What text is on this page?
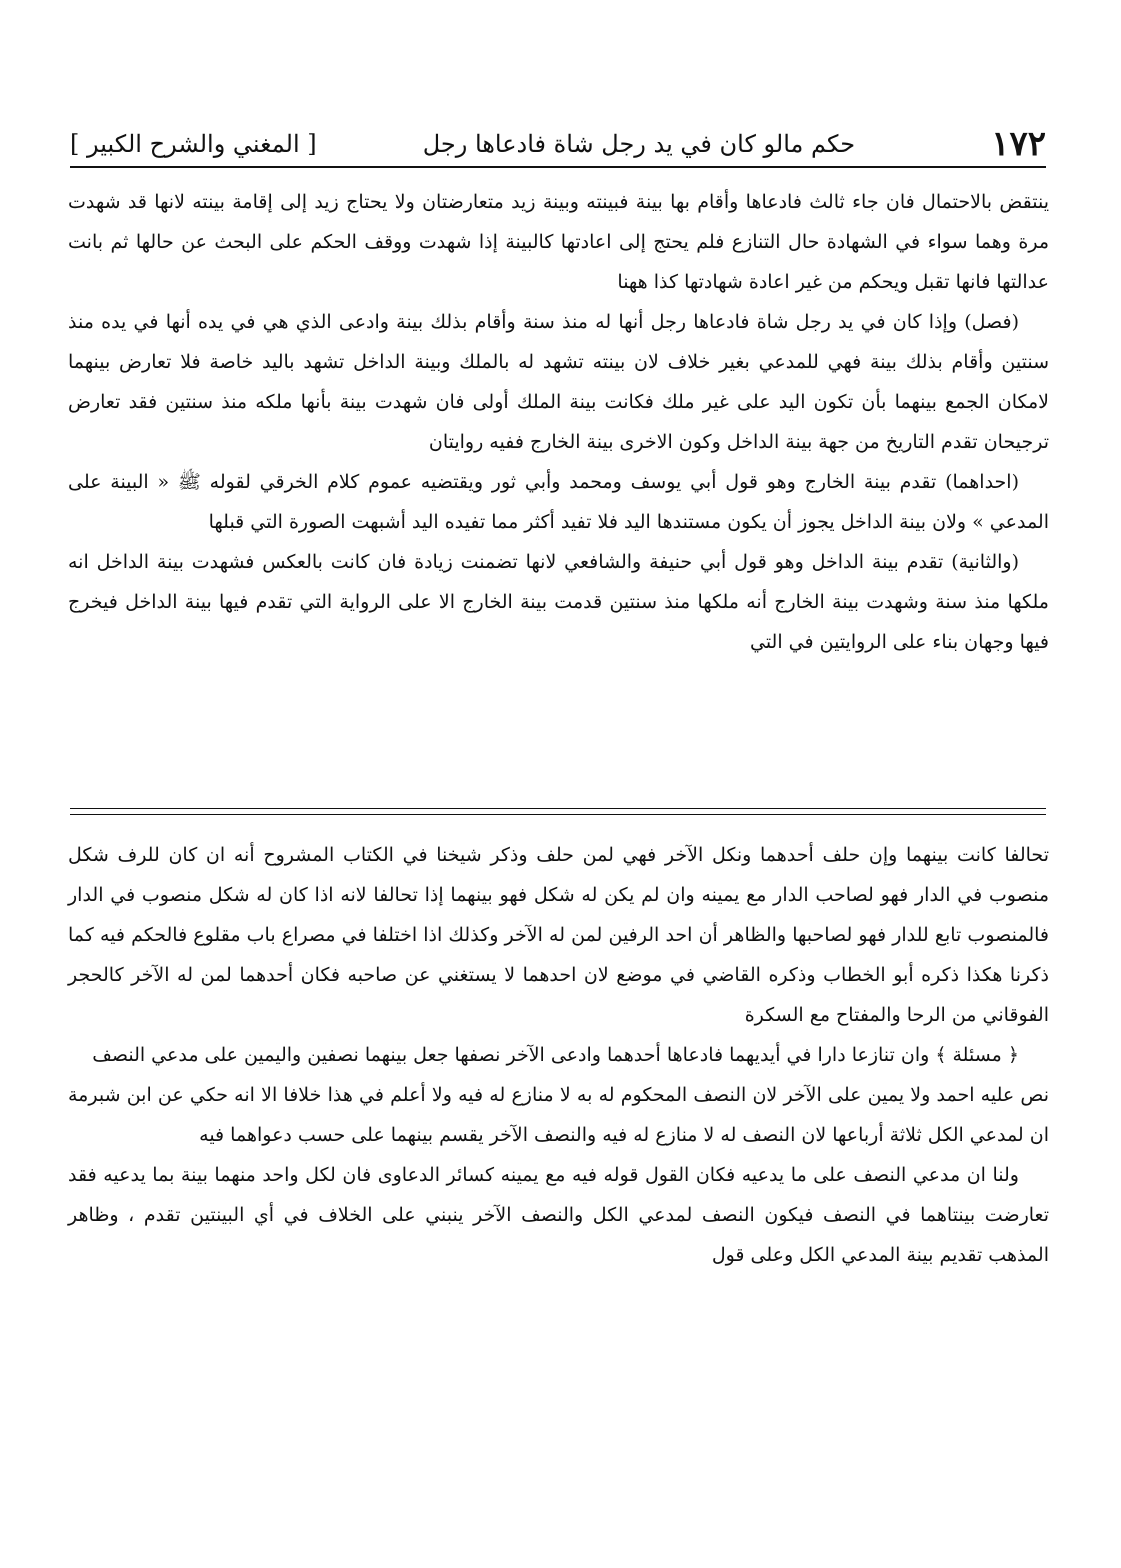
١٧٢
حكم مالو كان في يد رجل شاة فادعاها رجل
[ المغني والشرح الكبير ]

ينتقض بالاحتمال فان جاء ثالث فادعاها وأقام بها بينة فبينته وبينة زيد متعارضتان ولا يحتاج زيد إلى إقامة بينته لانها قد شهدت مرة وهما سواء في الشهادة حال التنازع فلم يحتج إلى اعادتها كالبينة إذا شهدت ووقف الحكم على البحث عن حالها ثم بانت عدالتها فانها تقبل ويحكم من غير اعادة شهادتها كذا ههنا

(فصل) وإذا كان في يد رجل شاة فادعاها رجل أنها له منذ سنة وأقام بذلك بينة وادعى الذي هي في يده أنها في يده منذ سنتين وأقام بذلك بينة فهي للمدعي بغير خلاف لان بينته تشهد له بالملك وبينة الداخل تشهد باليد خاصة فلا تعارض بينهما لامكان الجمع بينهما بأن تكون اليد على غير ملك فكانت بينة الملك أولى فان شهدت بينة بأنها ملكه منذ سنتين فقد تعارض ترجيحان تقدم التاريخ من جهة بينة الداخل وكون الاخرى بينة الخارج ففيه روايتان

(احداهما) تقدم بينة الخارج وهو قول أبي يوسف ومحمد وأبي ثور ويقتضيه عموم كلام الخرقي لقوله ﷺ « البينة على المدعي » ولان بينة الداخل يجوز أن يكون مستندها اليد فلا تفيد أكثر مما تفيده اليد أشبهت الصورة التي قبلها

(والثانية) تقدم بينة الداخل وهو قول أبي حنيفة والشافعي لانها تضمنت زيادة فان كانت بالعكس فشهدت بينة الداخل انه ملكها منذ سنة وشهدت بينة الخارج أنه ملكها منذ سنتين قدمت بينة الخارج الا على الرواية التي تقدم فيها بينة الداخل فيخرج فيها وجهان بناء على الروايتين في التي

تحالفا كانت بينهما وإن حلف أحدهما ونكل الآخر فهي لمن حلف وذكر شيخنا في الكتاب المشروح أنه ان كان للرف شكل منصوب في الدار فهو لصاحب الدار مع يمينه وان لم يكن له شكل فهو بينهما إذا تحالفا لانه اذا كان له شكل منصوب في الدار فالمنصوب تابع للدار فهو لصاحبها والظاهر أن احد الرفين لمن له الآخر وكذلك اذا اختلفا في مصراع باب مقلوع فالحكم فيه كما ذكرنا هكذا ذكره أبو الخطاب وذكره القاضي في موضع لان احدهما لا يستغني عن صاحبه فكان أحدهما لمن له الآخر كالحجر الفوقاني من الرحا والمفتاح مع السكرة

﴿ مسئلة ﴾ وان تنازعا دارا في أيديهما فادعاها أحدهما وادعى الآخر نصفها جعل بينهما نصفين واليمين على مدعي النصف

نص عليه احمد ولا يمين على الآخر لان النصف المحكوم له به لا منازع له فيه ولا أعلم في هذا خلافا الا انه حكي عن ابن شبرمة ان لمدعي الكل ثلاثة أرباعها لان النصف له لا منازع له فيه والنصف الآخر يقسم بينهما على حسب دعواهما فيه

ولنا ان مدعي النصف على ما يدعيه فكان القول قوله فيه مع يمينه كسائر الدعاوى فان لكل واحد منهما بينة بما يدعيه فقد تعارضت بينتاهما في النصف فيكون النصف لمدعي الكل والنصف الآخر ينبني على الخلاف في أي البينتين تقدم ، وظاهر المذهب تقديم بينة المدعي الكل وعلى قول
